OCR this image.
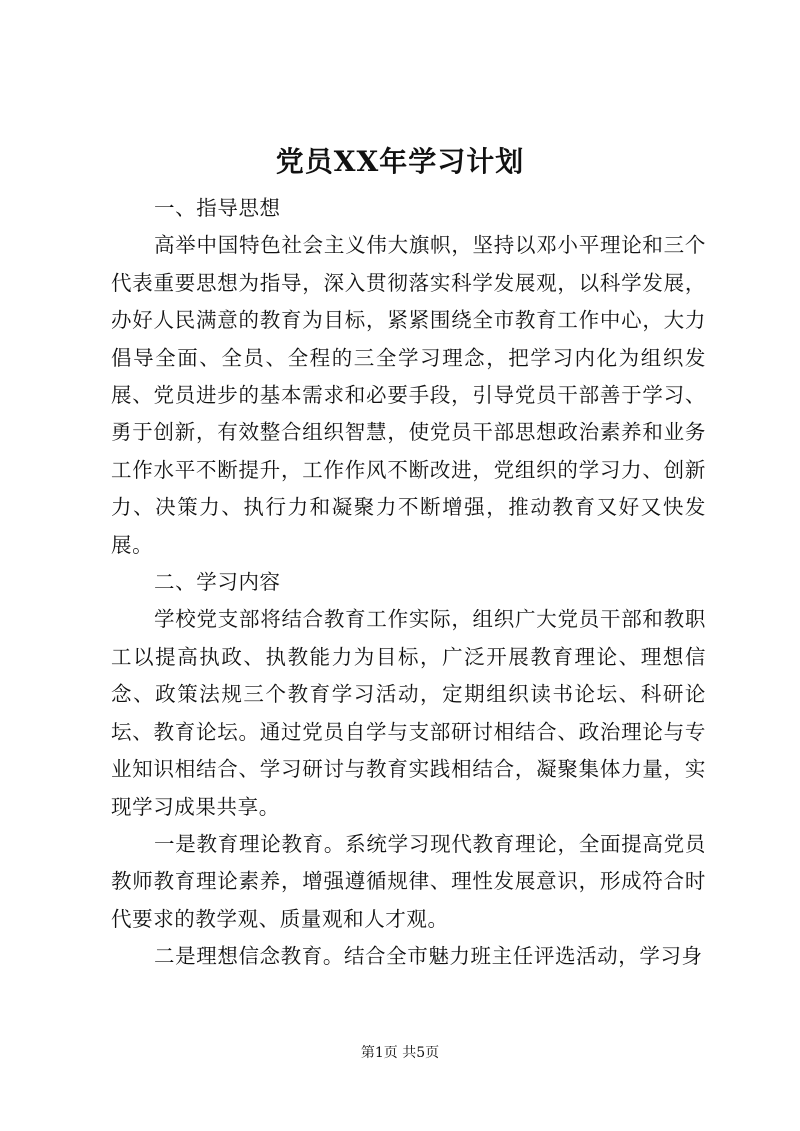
党员XX年学习计划

一、指导思想

高举中国特色社会主义伟大旗帜，坚持以邓小平理论和三个代表重要思想为指导，深入贯彻落实科学发展观，以科学发展，办好人民满意的教育为目标，紧紧围绕全市教育工作中心，大力倡导全面、全员、全程的三全学习理念，把学习内化为组织发展、党员进步的基本需求和必要手段，引导党员干部善于学习、勇于创新，有效整合组织智慧，使党员干部思想政治素养和业务工作水平不断提升，工作作风不断改进，党组织的学习力、创新力、决策力、执行力和凝聚力不断增强，推动教育又好又快发展。

二、学习内容

学校党支部将结合教育工作实际，组织广大党员干部和教职工以提高执政、执教能力为目标，广泛开展教育理论、理想信念、政策法规三个教育学习活动，定期组织读书论坛、科研论坛、教育论坛。通过党员自学与支部研讨相结合、政治理论与专业知识相结合、学习研讨与教育实践相结合，凝聚集体力量，实现学习成果共享。

一是教育理论教育。系统学习现代教育理论，全面提高党员教师教育理论素养，增强遵循规律、理性发展意识，形成符合时代要求的教学观、质量观和人才观。

二是理想信念教育。结合全市魅力班主任评选活动，学习身

第1页 共5页
